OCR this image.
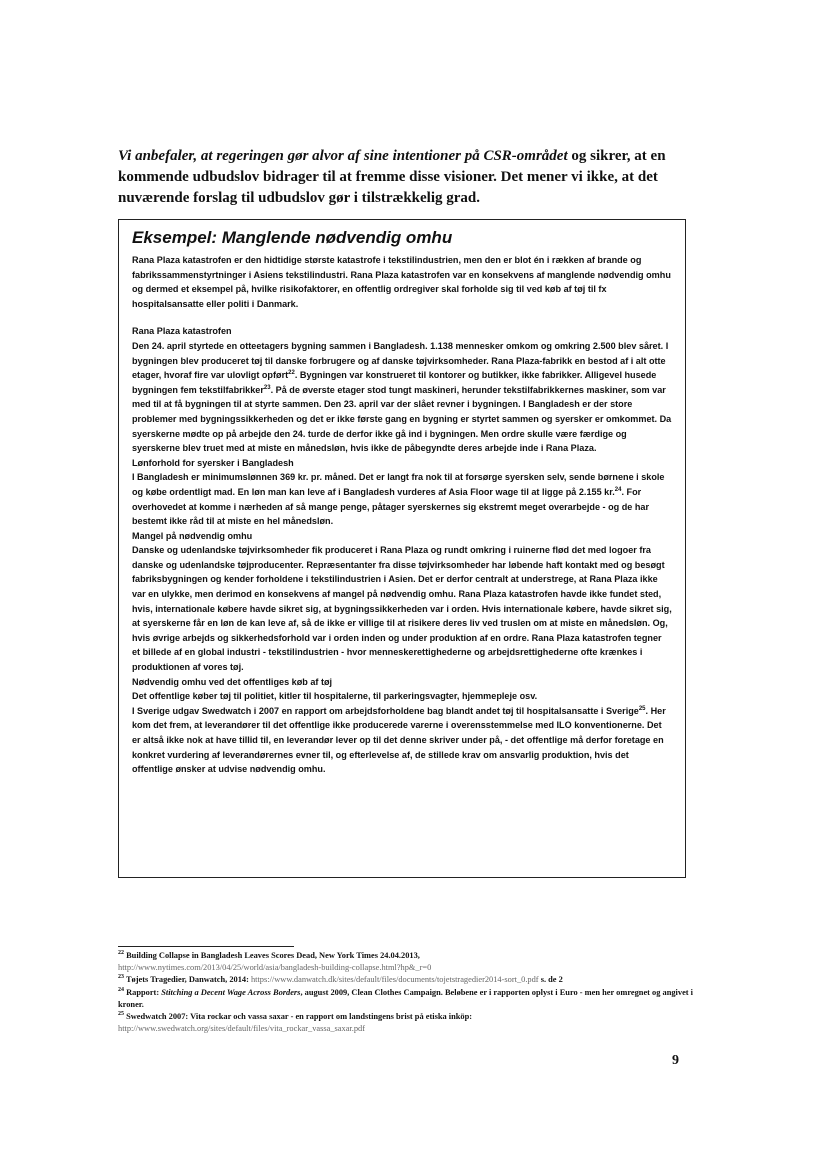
Vi anbefaler, at regeringen gør alvor af sine intentioner på CSR-området og sikrer, at en kommende udbudslov bidrager til at fremme disse visioner. Det mener vi ikke, at det nuværende forslag til udbudslov gør i tilstrækkelig grad.
Eksempel: Manglende nødvendig omhu

Rana Plaza katastrofen er den hidtidige største katastrofe i tekstilindustrien, men den er blot én i rækken af brande og fabrikssammenstyrtninger i Asiens tekstilindustri. Rana Plaza katastrofen var en konsekvens af manglende nødvendig omhu og dermed et eksempel på, hvilke risikofaktorer, en offentlig ordregiver skal forholde sig til ved køb af tøj til fx hospitalsansatte eller politi i Danmark.

Rana Plaza katastrofen

Den 24. april styrtede en otteetagers bygning sammen i Bangladesh. 1.138 mennesker omkom og omkring 2.500 blev såret. I bygningen blev produceret tøj til danske forbrugere og af danske tøjvirksomheder. Rana Plaza-fabrikk en bestod af i alt otte etager, hvoraf fire var ulovligt opført$^{22}$. Bygningen var konstrueret til kontorer og butikker, ikke fabrikker. Alligevel husede bygningen fem tekstilfabrikker$^{23}$. På de øverste etager stod tungt maskineri, herunder tekstilfabrikkernes maskiner, som var med til at få bygningen til at styrte sammen. Den 23. april var der slået revner i bygningen. I Bangladesh er der store problemer med bygningssikkerheden og det er ikke første gang en bygning er styrtet sammen og syersker er omkommet. Da syerskerne mødte op på arbejde den 24. turde de derfor ikke gå ind i bygningen. Men ordre skulle være færdige og syerskerne blev truet med at miste en månedsløn, hvis ikke de påbegyndte deres arbejde inde i Rana Plaza.

Lønforhold for syersker i Bangladesh

I Bangladesh er minimumslønnen 369 kr. pr. måned. Det er langt fra nok til at forsørge syersken selv, sende børnene i skole og købe ordentligt mad. En løn man kan leve af i Bangladesh vurderes af Asia Floor wage til at ligge på 2.155 kr.$^{24}$. For overhovedet at komme i nærheden af så mange penge, påtager syerskernes sig ekstremt meget overarbejde - og de har bestemt ikke råd til at miste en hel månedsløn.

Mangel på nødvendig omhu

Danske og udenlandske tøjvirksomheder fik produceret i Rana Plaza og rundt omkring i ruinerne flød det med logoer fra danske og udenlandske tøjproducenter. Repræsentanter fra disse tøjvirksomheder har løbende haft kontakt med og besøgt fabriksbygningen og kender forholdene i tekstilindustrien i Asien. Det er derfor centralt at understrege, at Rana Plaza ikke var en ulykke, men derimod en konsekvens af mangel på nødvendig omhu. Rana Plaza katastrofen havde ikke fundet sted, hvis, internationale købere havde sikret sig, at bygningssikkerheden var i orden. Hvis internationale købere, havde sikret sig, at syerskerne får en løn de kan leve af, så de ikke er villige til at risikere deres liv ved truslen om at miste en månedsløn. Og, hvis øvrige arbejds og sikkerhedsforhold var i orden inden og under produktion af en ordre. Rana Plaza katastrofen tegner et billede af en global industri - tekstilindustrien - hvor menneskerettighederne og arbejdsrettighederne ofte krænkes i produktionen af vores tøj.

Nødvendig omhu ved det offentliges køb af tøj

Det offentlige køber tøj til politiet, kitler til hospitalerne, til parkeringsvagter, hjemmepleje osv.

I Sverige udgav Swedwatch i 2007 en rapport om arbejdsforholdene bag blandt andet tøj til hospitalsansatte i Sverige$^{25}$. Her kom det frem, at leverandører til det offentlige ikke producerede varerne i overensstemmelse med ILO konventionerne. Det er altså ikke nok at have tillid til, en leverandør lever op til det denne skriver under på, - det offentlige må derfor foretage en konkret vurdering af leverandørernes evner til, og efterlevelse af, de stillede krav om ansvarlig produktion, hvis det offentlige ønsker at udvise nødvendig omhu.

$^{22}$ Building Collapse in Bangladesh Leaves Scores Dead, New York Times 24.04.2013,
http://www.nytimes.com/2013/04/25/world/asia/bangladesh-building-collapse.html?hp&_r=0
$^{23}$ Tøjets Tragedier, Danwatch, 2014: https://www.danwatch.dk/sites/default/files/documents/tojetstragedier2014-sort_0.pdf s. de 2
$^{24}$ Rapport: Stitching a Decent Wage Across Borders, august 2009, Clean Clothes Campaign. Beløbene er i rapporten oplyst i Euro - men her omregnet og angivet i kroner.
$^{25}$ Swedwatch 2007: Vita rockar och vassa saxar - en rapport om landstingens brist på etiska inköp:
http://www.swedwatch.org/sites/default/files/vita_rockar_vassa_saxar.pdf
9
